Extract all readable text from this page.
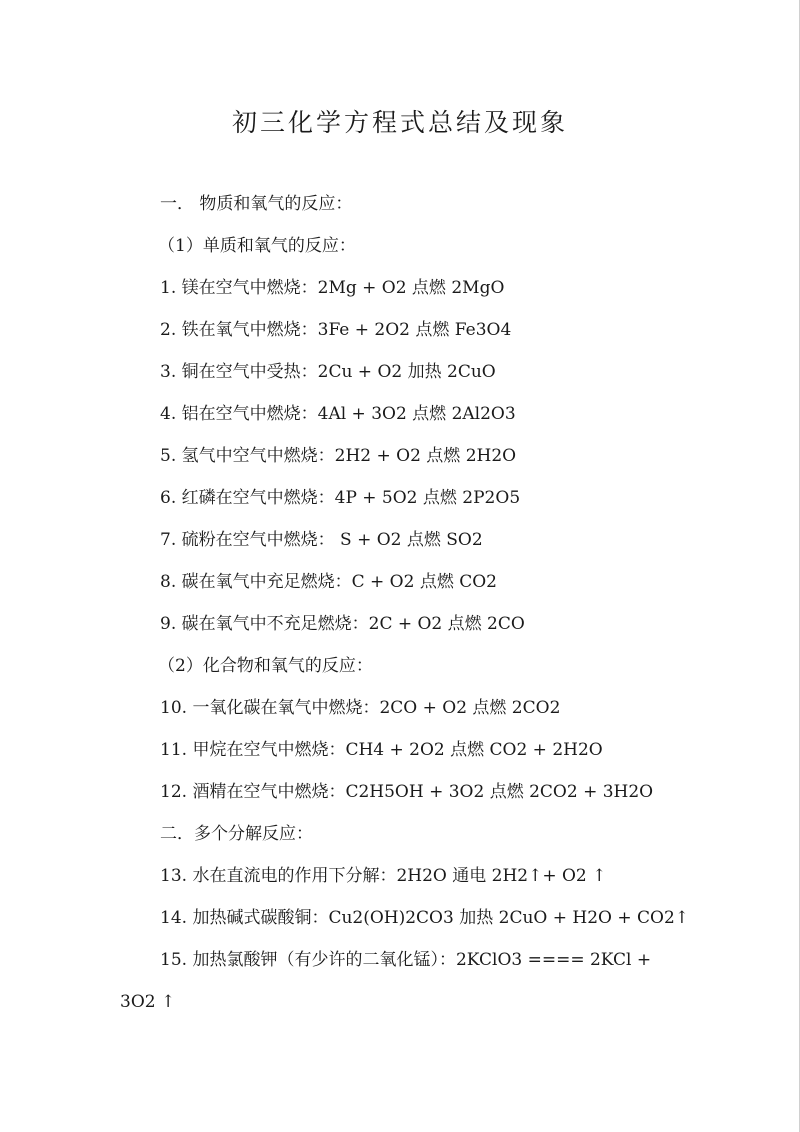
初三化学方程式总结及现象
一． 物质和氧气的反应：
（1）单质和氧气的反应：
1. 镁在空气中燃烧：2Mg + O2 点燃 2MgO
2. 铁在氧气中燃烧：3Fe + 2O2 点燃 Fe3O4
3. 铜在空气中受热：2Cu + O2 加热 2CuO
4. 铝在空气中燃烧：4Al + 3O2 点燃 2Al2O3
5. 氢气中空气中燃烧：2H2 + O2 点燃 2H2O
6. 红磷在空气中燃烧：4P + 5O2 点燃 2P2O5
7. 硫粉在空气中燃烧： S + O2 点燃 SO2
8. 碳在氧气中充足燃烧：C + O2 点燃 CO2
9. 碳在氧气中不充足燃烧：2C + O2 点燃 2CO
（2）化合物和氧气的反应：
10. 一氧化碳在氧气中燃烧：2CO + O2 点燃 2CO2
11. 甲烷在空气中燃烧：CH4 + 2O2 点燃 CO2 + 2H2O
12. 酒精在空气中燃烧：C2H5OH + 3O2 点燃 2CO2 + 3H2O
二．多个分解反应：
13. 水在直流电的作用下分解：2H2O 通电 2H2↑+ O2 ↑
14. 加热碱式碳酸铜：Cu2(OH)2CO3 加热 2CuO + H2O + CO2↑
15. 加热氯酸钾（有少许的二氧化锰）：2KClO3 ==== 2KCl +
3O2 ↑
